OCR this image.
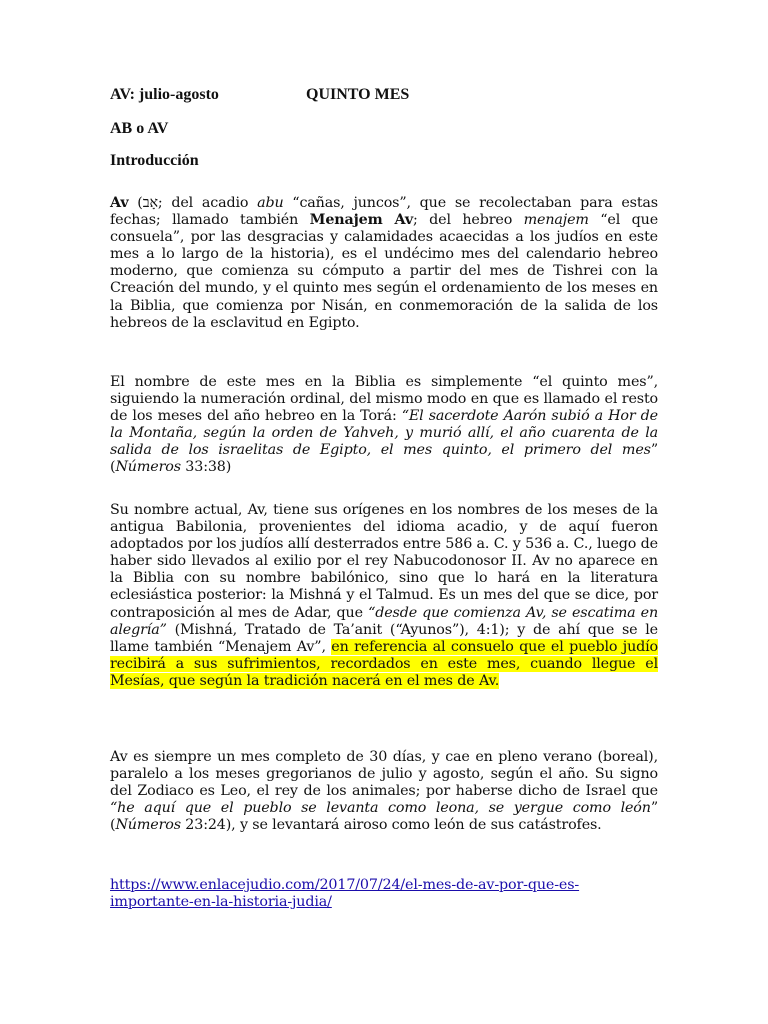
AV: julio-agosto	QUINTO MES
AB o AV
Introducción

Av (אָב; del acadio abu “cañas, juncos”, que se recolectaban para estas fechas; llamado también Menajem Av; del hebreo menajem “el que consuela”, por las desgracias y calamidades acaecidas a los judíos en este mes a lo largo de la historia), es el undécimo mes del calendario hebreo moderno, que comienza su cómputo a partir del mes de Tishrei con la Creación del mundo, y el quinto mes según el ordenamiento de los meses en la Biblia, que comienza por Nisán, en conmemoración de la salida de los hebreos de la esclavitud en Egipto.

El nombre de este mes en la Biblia es simplemente “el quinto mes”, siguiendo la numeración ordinal, del mismo modo en que es llamado el resto de los meses del año hebreo en la Torá: “El sacerdote Aarón subió a Hor de la Montaña, según la orden de Yahveh, y murió allí, el año cuarenta de la salida de los israelitas de Egipto, el mes quinto, el primero del mes” (Números 33:38)

Su nombre actual, Av, tiene sus orígenes en los nombres de los meses de la antigua Babilonia, provenientes del idioma acadio, y de aquí fueron adoptados por los judíos allí desterrados entre 586 a. C. y 536 a. C., luego de haber sido llevados al exilio por el rey Nabucodonosor II. Av no aparece en la Biblia con su nombre babilónico, sino que lo hará en la literatura eclesiástica posterior: la Mishná y el Talmud. Es un mes del que se dice, por contraposición al mes de Adar, que “desde que comienza Av, se escatima en alegría” (Mishná, Tratado de Ta’anit (“Ayunos”), 4:1); y de ahí que se le llame también “Menajem Av”, en referencia al consuelo que el pueblo judío recibirá a sus sufrimientos, recordados en este mes, cuando llegue el Mesías, que según la tradición nacerá en el mes de Av.

Av es siempre un mes completo de 30 días, y cae en pleno verano (boreal), paralelo a los meses gregorianos de julio y agosto, según el año. Su signo del Zodiaco es Leo, el rey de los animales; por haberse dicho de Israel que “he aquí que el pueblo se levanta como leona, se yergue como león” (Números 23:24), y se levantará airoso como león de sus catástrofes.

https://www.enlacejudio.com/2017/07/24/el-mes-de-av-por-que-es-importante-en-la-historia-judia/
